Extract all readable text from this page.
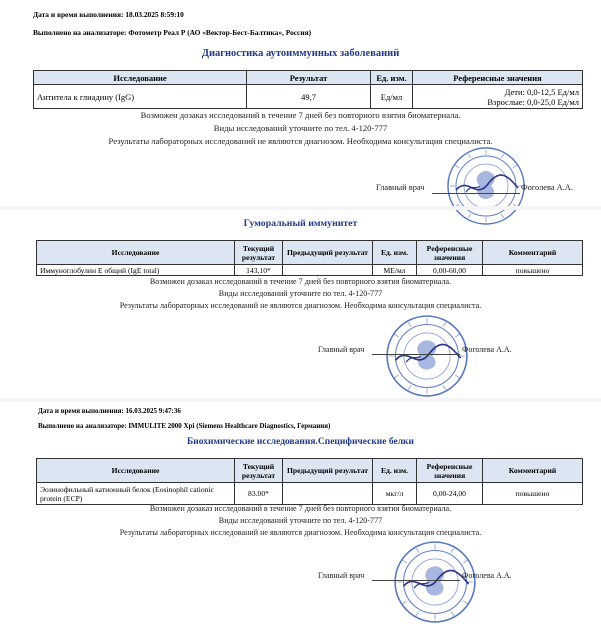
Дата и время выполнения: 18.03.2025 8:59:10
Выполнено на анализаторе: Фотометр Реал Р (АО «Вектор-Бест-Балтика», Россия)
Диагностика аутоиммунных заболеваний
Исследование	Результат	Ед. изм.	Референсные значения
Антитела к глиадину (IgG)	49,7	Ед/мл	Дети: 0,0-12,5 Ед/мл
Взрослые: 0,0-25,0 Ед/мл
Возможен дозаказ исследований в течение 7 дней без повторного взятия биоматериала.
Виды исследований уточните по тел. 4-120-777
Результаты лабораторных исследований не являются диагнозом. Необходима консультация специалиста.
Главный врач	Фоголева А.А.
Гуморальный иммунитет
Исследование	Текущий результат	Предыдущий результат	Ед. изм.	Референсные значения	Комментарий
Иммуноглобулин E общий (IgE total)	143,10*		МЕ/мл	0,00-60,00	повышено
Возможен дозаказ исследований в течение 7 дней без повторного взятия биоматериала.
Виды исследований уточните по тел. 4-120-777
Результаты лабораторных исследований не являются диагнозом. Необходима консультация специалиста.
Главный врач	Фоголева А.А.
Дата и время выполнения: 16.03.2025 9:47:36
Выполнено на анализаторе: IMMULITE 2000 Xpi (Siemens Healthcare Diagnostics, Германия)
Биохимические исследования.Специфические белки
Исследование	Текущий результат	Предыдущий результат	Ед. изм.	Референсные значения	Комментарий
Эозинофильный катионный белок (Eosinophil cationic protein (ECP)	83.00*		мкг/л	0,00-24,00	повышено
Возможен дозаказ исследований в течение 7 дней без повторного взятия биоматериала.
Виды исследований уточните по тел. 4-120-777
Результаты лабораторных исследований не являются диагнозом. Необходима консультация специалиста.
Главный врач	Фоголева А.А.
